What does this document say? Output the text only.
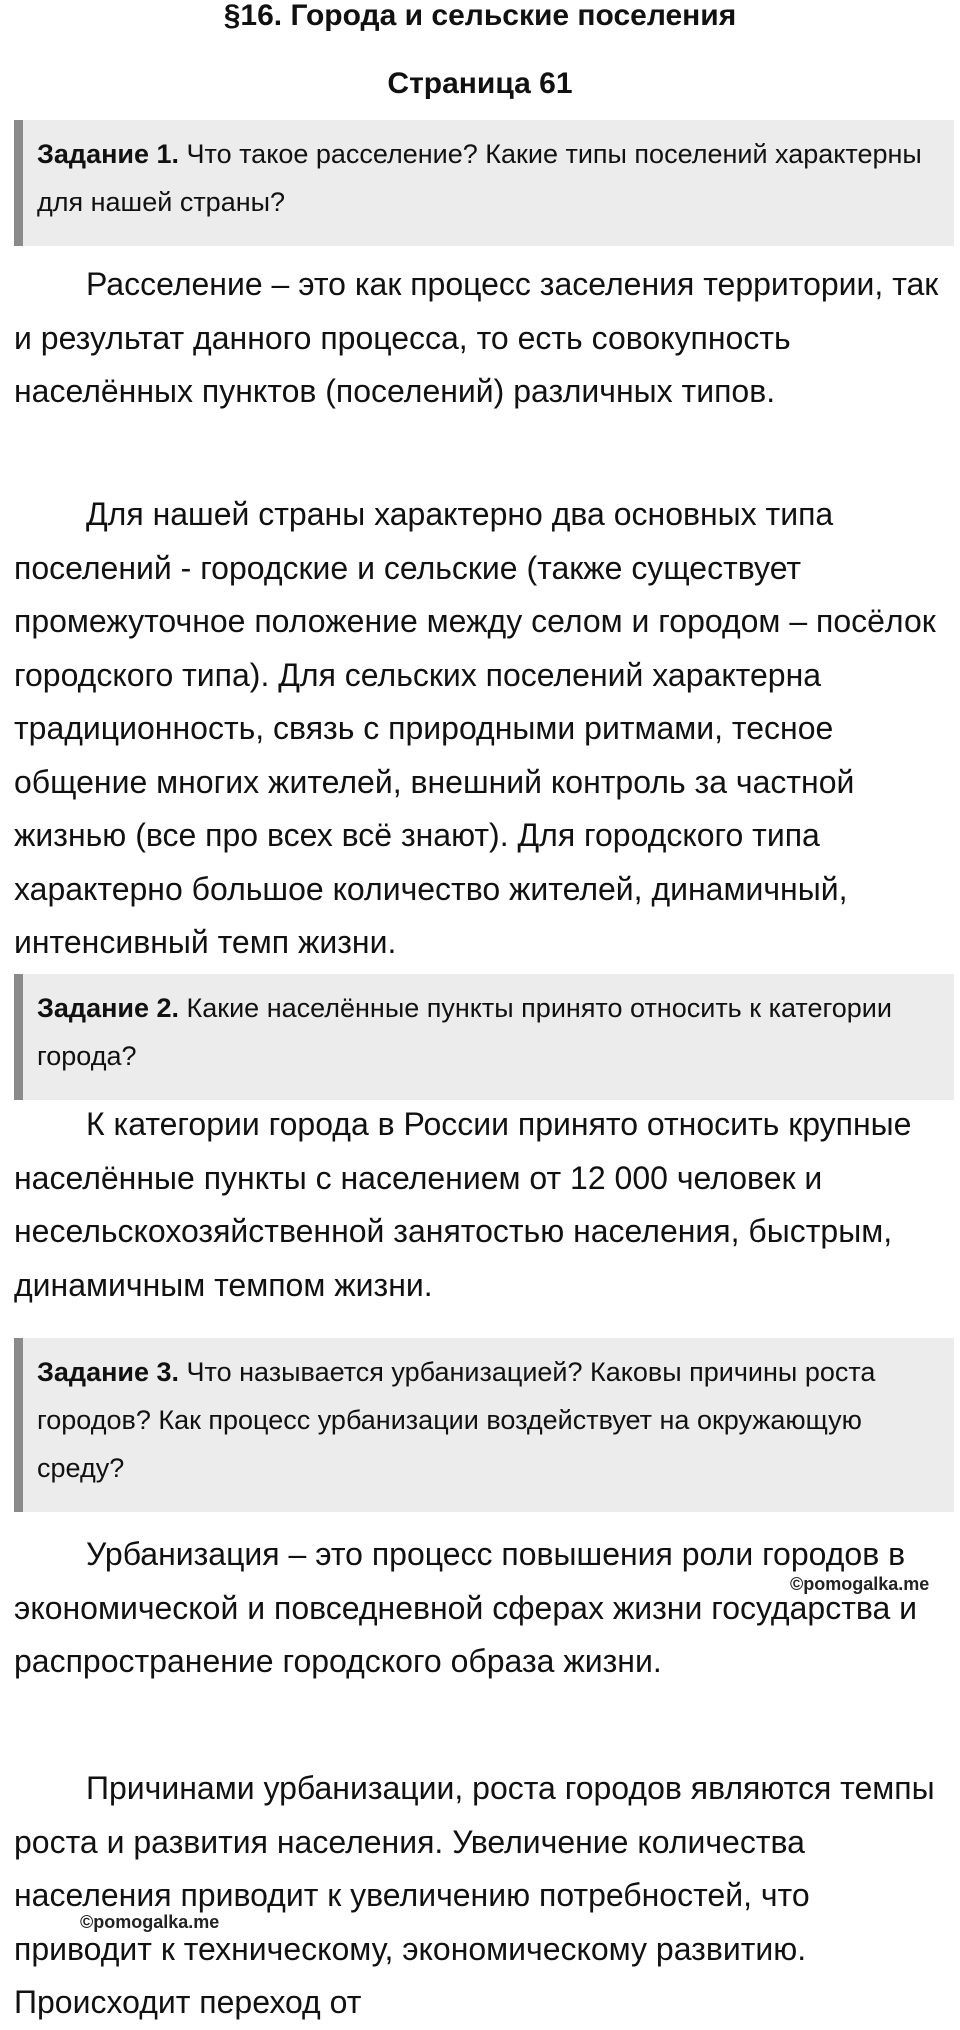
§16. Города и сельские поселения
Страница 61
Задание 1. Что такое расселение? Какие типы поселений характерны для нашей страны?
Расселение – это как процесс заселения территории, так и результат данного процесса, то есть совокупность населённых пунктов (поселений) различных типов.
Для нашей страны характерно два основных типа поселений - городские и сельские (также существует промежуточное положение между селом и городом – посёлок городского типа). Для сельских поселений характерна традиционность, связь с природными ритмами, тесное общение многих жителей, внешний контроль за частной жизнью (все про всех всё знают). Для городского типа характерно большое количество жителей, динамичный, интенсивный темп жизни.
Задание 2. Какие населённые пункты принято относить к категории города?
К категории города в России принято относить крупные населённые пункты с населением от 12 000 человек и несельскохозяйственной занятостью населения, быстрым, динамичным темпом жизни.
Задание 3. Что называется урбанизацией? Каковы причины роста городов? Как процесс урбанизации воздействует на окружающую среду?
Урбанизация – это процесс повышения роли городов в экономической и повседневной сферах жизни государства и распространение городского образа жизни.
Причинами урбанизации, роста городов являются темпы роста и развития населения. Увеличение количества населения приводит к увеличению потребностей, что приводит к техническому, экономическому развитию. Происходит переход от
©pomogalka.me
©pomogalka.me
